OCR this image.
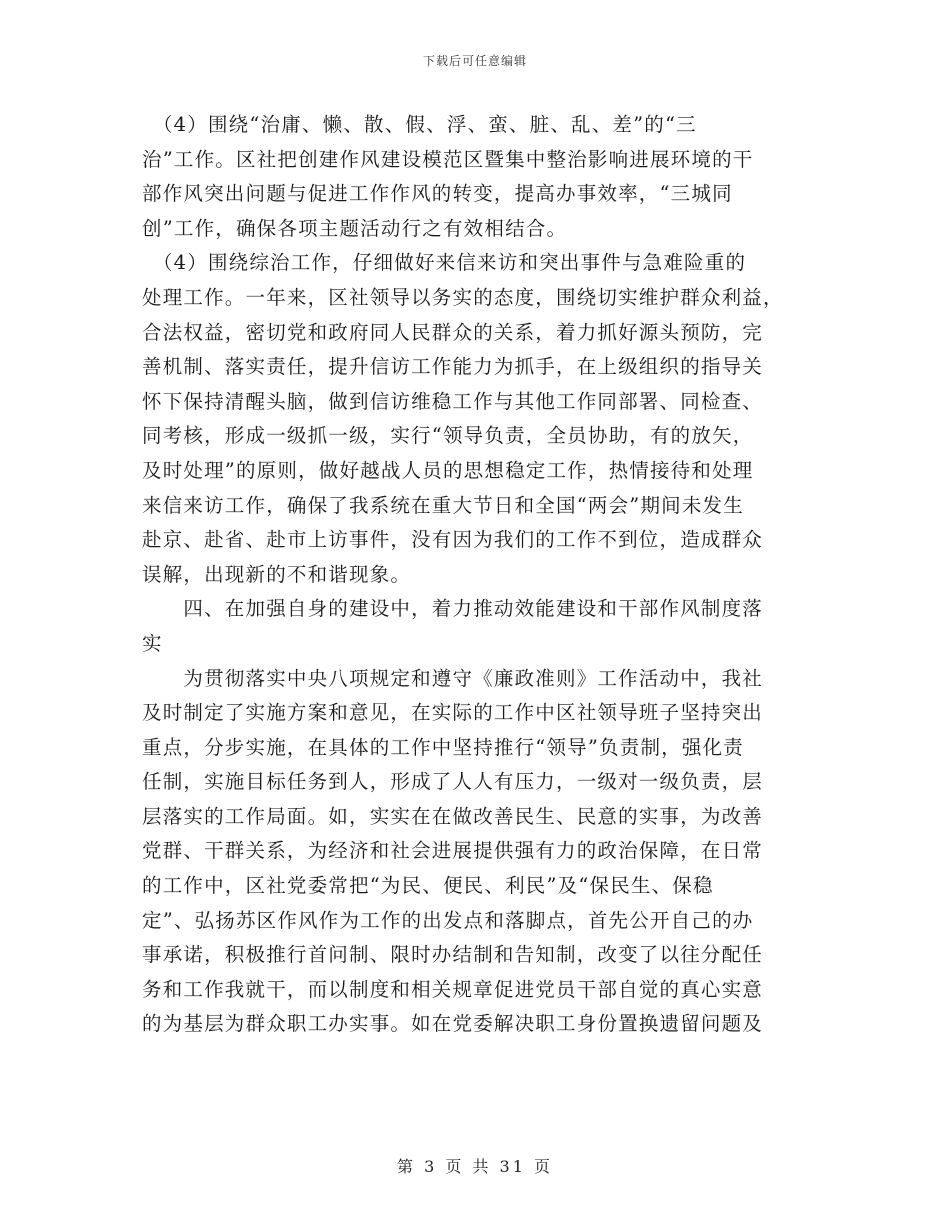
下载后可任意编辑
　（4）围绕“治庸、懒、散、假、浮、蛮、脏、乱、差”的“三
治”工作。区社把创建作风建设模范区暨集中整治影响进展环境的干
部作风突出问题与促进工作作风的转变，提高办事效率，“三城同
创”工作，确保各项主题活动行之有效相结合。
　（4）围绕综治工作，仔细做好来信来访和突出事件与急难险重的
处理工作。一年来，区社领导以务实的态度，围绕切实维护群众利益，
合法权益，密切党和政府同人民群众的关系，着力抓好源头预防，完
善机制、落实责任，提升信访工作能力为抓手，在上级组织的指导关
怀下保持清醒头脑，做到信访维稳工作与其他工作同部署、同检查、
同考核，形成一级抓一级，实行“领导负责，全员协助，有的放矢，
及时处理”的原则，做好越战人员的思想稳定工作，热情接待和处理
来信来访工作，确保了我系统在重大节日和全国“两会”期间未发生
赴京、赴省、赴市上访事件，没有因为我们的工作不到位，造成群众
误解，出现新的不和谐现象。
　　四、在加强自身的建设中，着力推动效能建设和干部作风制度落
实
　　为贯彻落实中央八项规定和遵守《廉政准则》工作活动中，我社
及时制定了实施方案和意见，在实际的工作中区社领导班子坚持突出
重点，分步实施，在具体的工作中坚持推行“领导”负责制，强化责
任制，实施目标任务到人，形成了人人有压力，一级对一级负责，层
层落实的工作局面。如，实实在在做改善民生、民意的实事，为改善
党群、干群关系，为经济和社会进展提供强有力的政治保障，在日常
的工作中，区社党委常把“为民、便民、利民”及“保民生、保稳
定”、弘扬苏区作风作为工作的出发点和落脚点，首先公开自己的办
事承诺，积极推行首问制、限时办结制和告知制，改变了以往分配任
务和工作我就干，而以制度和相关规章促进党员干部自觉的真心实意
的为基层为群众职工办实事。如在党委解决职工身份置换遗留问题及
第 3 页 共 31 页
